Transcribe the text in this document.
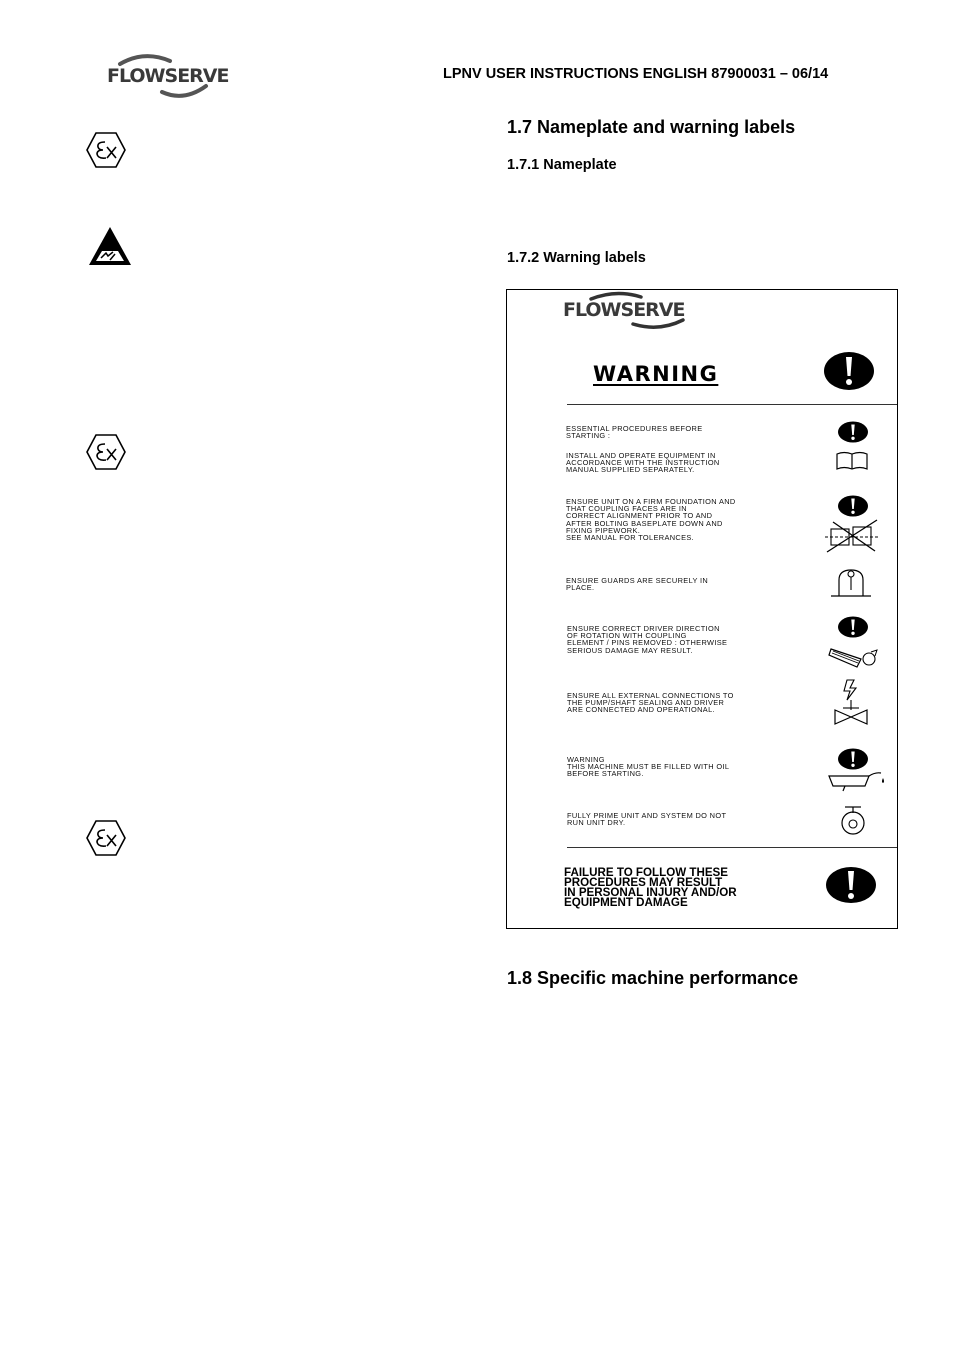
FLOWSERVE	LPNV USER INSTRUCTIONS ENGLISH 87900031 – 06/14
1.7 Nameplate and warning labels
1.7.1 Nameplate
1.7.2 Warning labels
1.8 Specific machine performance
FLOWSERVE
WARNING
ESSENTIAL PROCEDURES BEFORE
STARTING :
INSTALL AND OPERATE EQUIPMENT IN
ACCORDANCE WITH THE INSTRUCTION
MANUAL SUPPLIED SEPARATELY.
ENSURE UNIT ON A FIRM FOUNDATION AND
THAT COUPLING FACES ARE IN
CORRECT ALIGNMENT PRIOR TO AND
AFTER BOLTING BASEPLATE DOWN AND
FIXING PIPEWORK.
SEE MANUAL FOR TOLERANCES.
ENSURE GUARDS ARE SECURELY IN
PLACE.
ENSURE CORRECT DRIVER DIRECTION
OF ROTATION WITH COUPLING
ELEMENT / PINS REMOVED : OTHERWISE
SERIOUS DAMAGE MAY RESULT.
ENSURE ALL EXTERNAL CONNECTIONS TO
THE PUMP/SHAFT SEALING AND DRIVER
ARE CONNECTED AND OPERATIONAL.
WARNING
THIS MACHINE MUST BE FILLED WITH OIL
BEFORE STARTING.
FULLY PRIME UNIT AND SYSTEM DO NOT
RUN UNIT DRY.
FAILURE TO FOLLOW THESE
PROCEDURES MAY RESULT
IN PERSONAL INJURY AND/OR
EQUIPMENT DAMAGE
